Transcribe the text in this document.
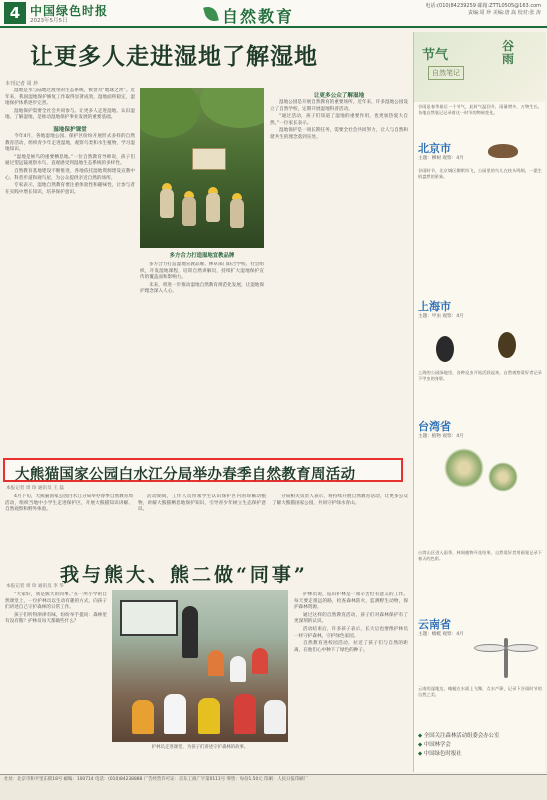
4 中国绿色时报
2023年5月5日	自然教育
电话:(010)84239259 邮箱:ZTTL0505@163.com 责编:周 珍 美编:唐 嵩 校对:张 涛
让更多人走进湿地了解湿地
本刊记者 周 珍

湿地是水与陆地过渡带的生态系统，被誉为“地球之肾”。近年来，我国湿地保护修复工作取得显著成效，湿地面积稳定，湿地保护体系逐步完善。

湿地保护需要全社会共同参与。让更多人走进湿地、认识湿地、了解湿地，是推动湿地保护事业发展的重要基础。

湿地保护课堂

今年4月，各地湿地公园、保护区纷纷开展形式多样的自然教育活动，组织青少年走进湿地，观察鸟类和水生植物，学习湿地知识。

“湿地是候鸟的重要栖息地。”一位自然教育导师说，孩子们通过望远镜观察水鸟，直观感受到湿地生态系统的多样性。

自然教育基地建设不断推进，各地依托湿地资源建设宣教中心、科普步道和观鸟屋，为公众提供亲近自然的场所。

专家表示，湿地自然教育要注重体验性和趣味性，让参与者在实践中增长知识，培养保护意识。

多方合力打造湿地宣教品牌

多方合力打造湿地宣教品牌。林草部门联合学校、社会组织，开发湿地课程，培训自然讲解员，持续扩大湿地保护宣传的覆盖面和影响力。

未来，将进一步推动湿地自然教育规范化发展，让湿地保护理念深入人心。

让更多公众了解湿地

湿地公园是开展自然教育的重要场所。近年来，许多湿地公园设立了自然学校，定期开展湿地科普活动。

“通过活动，孩子们知道了湿地的重要作用，也更加热爱大自然。”一位家长表示。

湿地保护是一项长期任务，需要全社会共同努力，让人与自然和谐共生的理念落到实处。

大熊猫国家公园白水江分局举办春季自然教育周活动
本报记者 周 珍 通讯员 王 磊

4月下旬，大熊猫国家公园白水江分局举办春季自然教育周活动，组织当地中小学生走进保护区，开展大熊猫知识讲解、自然观察和野外体验。

活动期间，工作人员带领学生认识保护区内的珍稀动植物，讲解大熊猫栖息地保护知识，引导青少年树立生态保护意识。

分局相关负责人表示，将持续开展自然教育活动，让更多公众了解大熊猫国家公园，共同守护绿水青山。

我与熊大、熊二做“同事”
本报记者 周 珍 通讯员 李 华

“大家好，我是熊大的同事。”在一所小学的自然课堂上，一位护林员以生动有趣的方式，向孩子们讲述自己守护森林的日常工作。

孩子们听得津津有味，纷纷举手提问：森林里有没有熊？护林员每天都做些什么？

护林员走进课堂，为孩子们讲述守护森林的故事。

护林员说，巡山护林是一项辛苦但有意义的工作。每天要走很远的路，检查森林防火，监测野生动物，保护森林资源。

通过这样的自然教育活动，孩子们对森林保护有了更深刻的认识。

活动结束后，许多孩子表示，长大后也要像护林员一样守护森林，守护绿色家园。

自然教育进校园活动，拉近了孩子们与自然的距离，在他们心中种下了绿色的种子。

节气
自然笔记
谷雨
谷雨是春季最后一个节气，此时气温回升，雨量增多，万物生长。各地自然笔记记录着这一时节的物候变化。
北京市
主题：柳树 观察：4月
谷雨时节，北京城区柳絮纷飞，公园里的鸟儿在枝头鸣唱，一派生机盎然的景象。
上海市
主题：甲虫 观察：4月
上海的公园绿地里，各种昆虫开始活跃起来，自然观察爱好者记录下甲虫的身影。
台湾省
主题：植物 观察：4月
台湾山区进入雨季，林间植物开花结果，自然爱好者用画笔记录下春天的色彩。
云南省
主题：蜻蜓 观察：4月
云南的湿地边，蜻蜓在水面上飞舞，点水产卵，记录下谷雨时节的自然之美。
◆ 全国关注森林活动组委会办公室
◆ 中国林学会
◆ 中国绿色时报社
社址：北京市和平里东街18号 邮编：100714 电话：(010)84238888 广告经营许可证：京东工商广字第0111号 零售：每份1.50元 印刷：人民日报印刷厂
